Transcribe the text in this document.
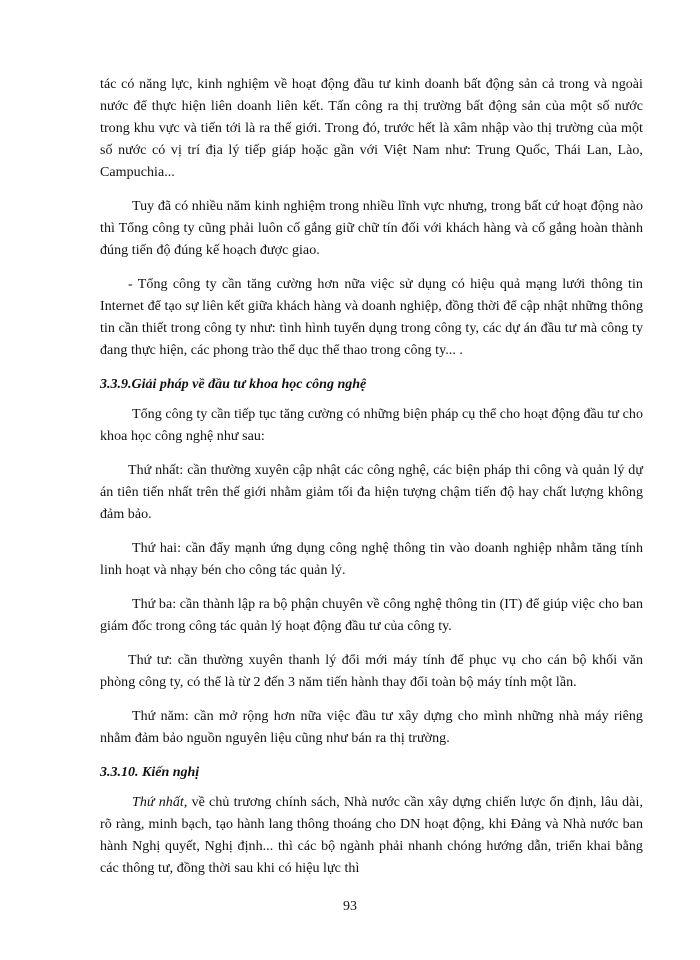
tác có năng lực, kinh nghiệm về hoạt động đầu tư kinh doanh bất động sản cả trong và ngoài nước để thực hiện liên doanh liên kết. Tấn công ra thị trường bất động sản của một số nước trong khu vực và tiến tới là ra thế giới. Trong đó, trước hết là xâm nhập vào thị trường của một số nước có vị trí địa lý tiếp giáp hoặc gần với Việt Nam như: Trung Quốc, Thái Lan, Lào, Campuchia...

Tuy đã có nhiều năm kinh nghiệm trong nhiều lĩnh vực nhưng, trong bất cứ hoạt động nào thì Tổng công ty cũng phải luôn cố gắng giữ chữ tín đối với khách hàng và cố gắng hoàn thành đúng tiến độ đúng kế hoạch được giao.

- Tổng công ty cần tăng cường hơn nữa việc sử dụng có hiệu quả mạng lưới thông tin Internet để tạo sự liên kết giữa khách hàng và doanh nghiệp, đồng thời để cập nhật những thông tin cần thiết trong công ty như: tình hình tuyển dụng trong công ty, các dự án đầu tư mà công ty đang thực hiện, các phong trào thể dục thể thao trong công ty... .

3.3.9.Giải pháp về đầu tư khoa học công nghệ

Tổng công ty cần tiếp tục tăng cường có những biện pháp cụ thể cho hoạt động đầu tư cho khoa học công nghệ như sau:

Thứ nhất: cần thường xuyên cập nhật các công nghệ, các biện pháp thi công và quản lý dự án tiên tiến nhất trên thế giới nhằm giảm tối đa hiện tượng chậm tiến độ hay chất lượng không đảm bảo.

Thứ hai: cần đẩy mạnh ứng dụng công nghệ thông tin vào doanh nghiệp nhằm tăng tính linh hoạt và nhạy bén cho công tác quản lý.

Thứ ba: cần thành lập ra bộ phận chuyên về công nghệ thông tin (IT) để giúp việc cho ban giám đốc trong công tác quản lý hoạt động đầu tư của công ty.

Thứ tư: cần thường xuyên thanh lý đổi mới máy tính để phục vụ cho cán bộ khối văn phòng công ty, có thể là từ 2 đến 3 năm tiến hành thay đổi toàn bộ máy tính một lần.

Thứ năm: cần mở rộng hơn nữa việc đầu tư xây dựng cho mình những nhà máy riêng nhằm đảm bảo nguồn nguyên liệu cũng như bán ra thị trường.

3.3.10. Kiến nghị

Thứ nhất, về chủ trương chính sách, Nhà nước cần xây dựng chiến lược ổn định, lâu dài, rõ ràng, minh bạch, tạo hành lang thông thoáng cho DN hoạt động, khi Đảng và Nhà nước ban hành Nghị quyết, Nghị định... thì các bộ ngành phải nhanh chóng hướng dẫn, triển khai bằng các thông tư, đồng thời sau khi có hiệu lực thì

93
